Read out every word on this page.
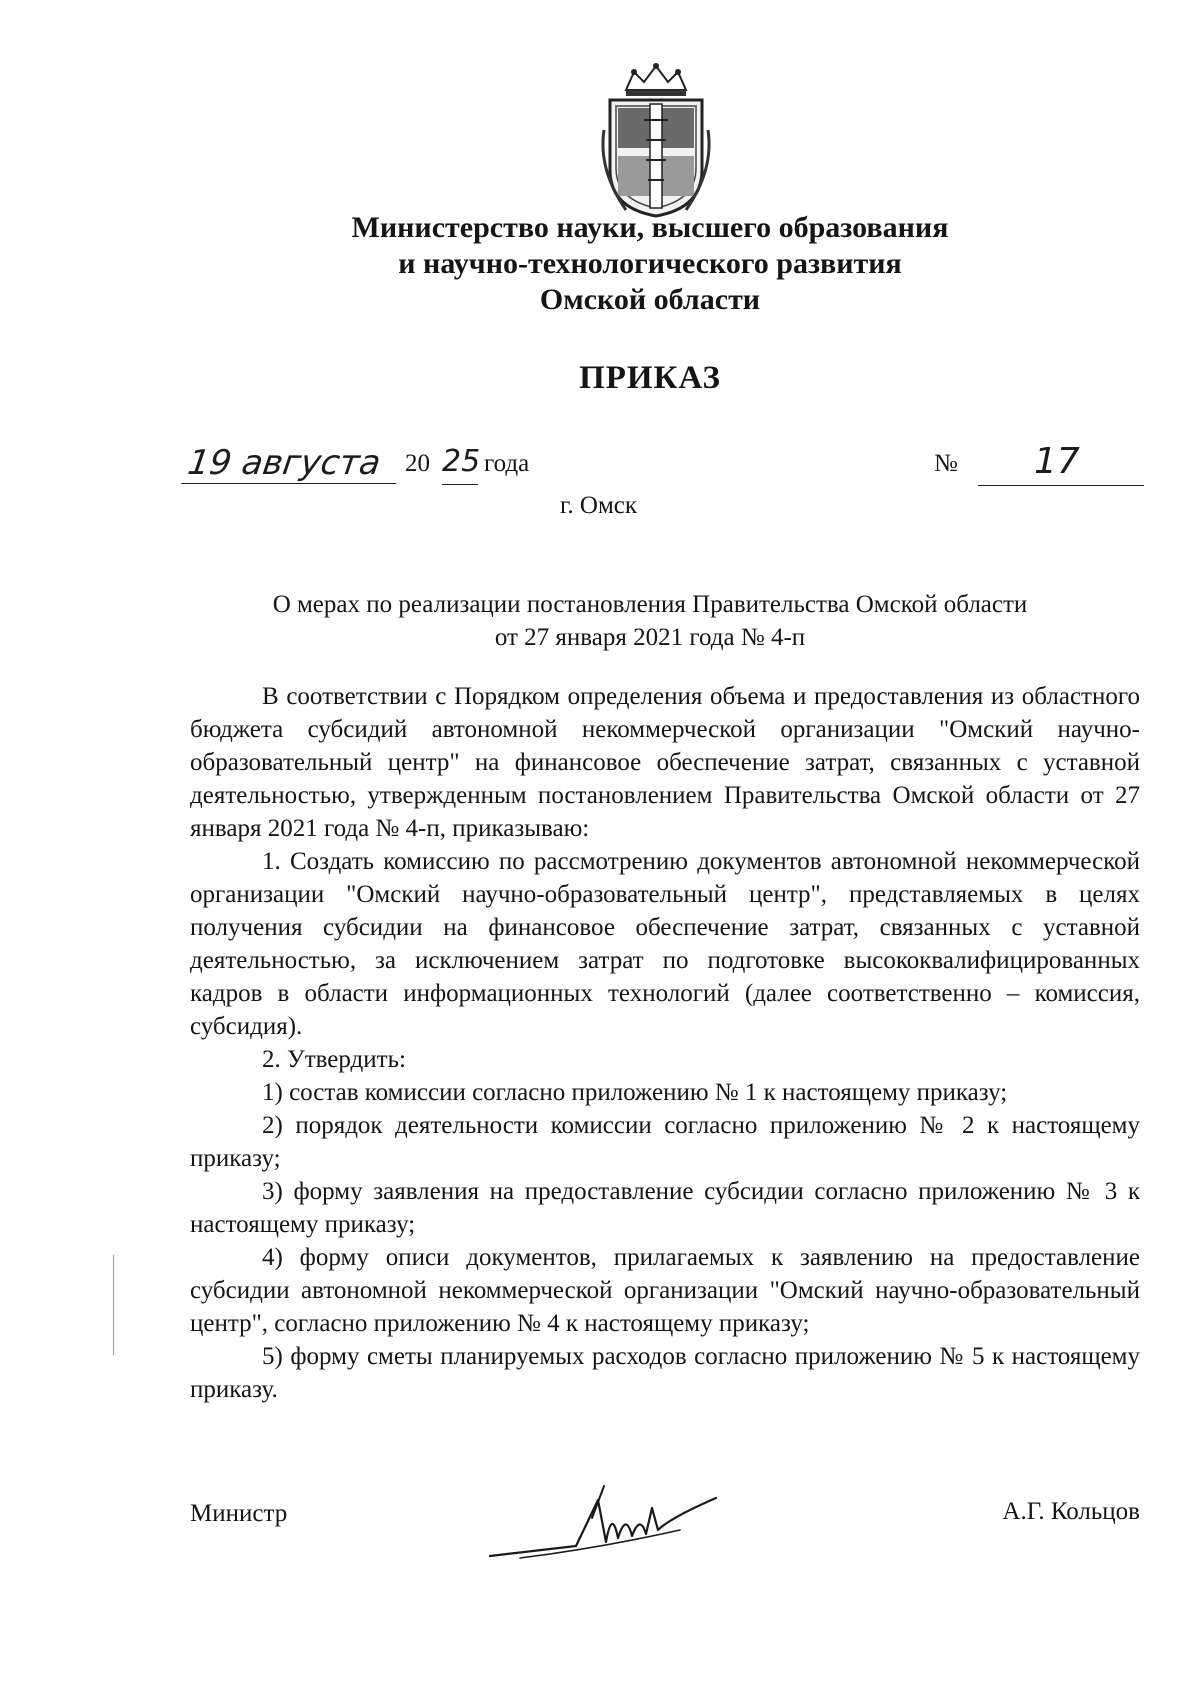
Министерство науки, высшего образования
и научно-технологического развития
Омской области
ПРИКАЗ
19 августа 20 25 года	№	17
г. Омск
О мерах по реализации постановления Правительства Омской области
от 27 января 2021 года № 4-п

В соответствии с Порядком определения объема и предоставления из областного бюджета субсидий автономной некоммерческой организации "Омский научно-образовательный центр" на финансовое обеспечение затрат, связанных с уставной деятельностью, утвержденным постановлением Правительства Омской области от 27 января 2021 года № 4-п, приказываю:

1. Создать комиссию по рассмотрению документов автономной некоммерческой организации "Омский научно-образовательный центр", представляемых в целях получения субсидии на финансовое обеспечение затрат, связанных с уставной деятельностью, за исключением затрат по подготовке высококвалифицированных кадров в области информационных технологий (далее соответственно – комиссия, субсидия).

2. Утвердить:

1) состав комиссии согласно приложению № 1 к настоящему приказу;

2) порядок деятельности комиссии согласно приложению № 2 к настоящему приказу;

3) форму заявления на предоставление субсидии согласно приложению № 3 к настоящему приказу;

4) форму описи документов, прилагаемых к заявлению на предоставление субсидии автономной некоммерческой организации "Омский научно-образовательный центр", согласно приложению № 4 к настоящему приказу;

5) форму сметы планируемых расходов согласно приложению № 5 к настоящему приказу.

Министр	А.Г. Кольцов
